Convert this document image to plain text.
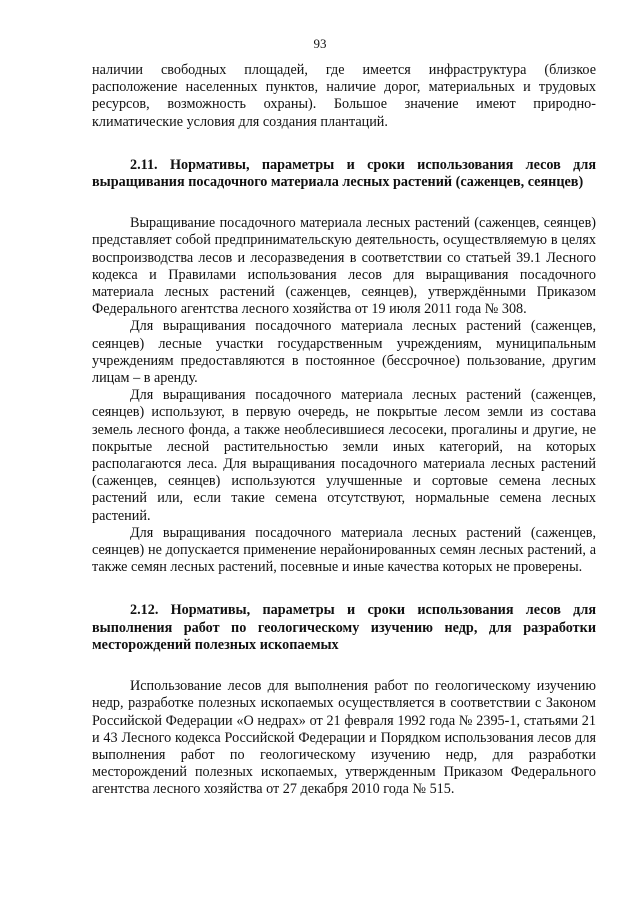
93

наличии свободных площадей, где имеется инфраструктура (близкое расположение населенных пунктов, наличие дорог, материальных и трудовых ресурсов, возможность охраны). Большое значение имеют природно-климатические условия для создания плантаций.

2.11. Нормативы, параметры и сроки использования лесов для выращивания посадочного материала лесных растений (саженцев, сеянцев)

Выращивание посадочного материала лесных растений (саженцев, сеянцев) представляет собой предпринимательскую деятельность, осуществляемую в целях воспроизводства лесов и лесоразведения в соответствии со статьей 39.1 Лесного кодекса и Правилами использования лесов для выращивания посадочного материала лесных растений (саженцев, сеянцев), утверждёнными Приказом Федерального агентства лесного хозяйства от 19 июля 2011 года № 308.

Для выращивания посадочного материала лесных растений (саженцев, сеянцев) лесные участки государственным учреждениям, муниципальным учреждениям предоставляются в постоянное (бессрочное) пользование, другим лицам – в аренду.

Для выращивания посадочного материала лесных растений (саженцев, сеянцев) используют, в первую очередь, не покрытые лесом земли из состава земель лесного фонда, а также необлесившиеся лесосеки, прогалины и другие, не покрытые лесной растительностью земли иных категорий, на которых располагаются леса. Для выращивания посадочного материала лесных растений (саженцев, сеянцев) используются улучшенные и сортовые семена лесных растений или, если такие семена отсутствуют, нормальные семена лесных растений.

Для выращивания посадочного материала лесных растений (саженцев, сеянцев) не допускается применение нерайонированных семян лесных растений, а также семян лесных растений, посевные и иные качества которых не проверены.

2.12. Нормативы, параметры и сроки использования лесов для выполнения работ по геологическому изучению недр, для разработки месторождений полезных ископаемых

Использование лесов для выполнения работ по геологическому изучению недр, разработке полезных ископаемых осуществляется в соответствии с Законом Российской Федерации «О недрах» от 21 февраля 1992 года № 2395-1, статьями 21 и 43 Лесного кодекса Российской Федерации и Порядком использования лесов для выполнения работ по геологическому изучению недр, для разработки месторождений полезных ископаемых, утвержденным Приказом Федерального агентства лесного хозяйства от 27 декабря 2010 года № 515.
